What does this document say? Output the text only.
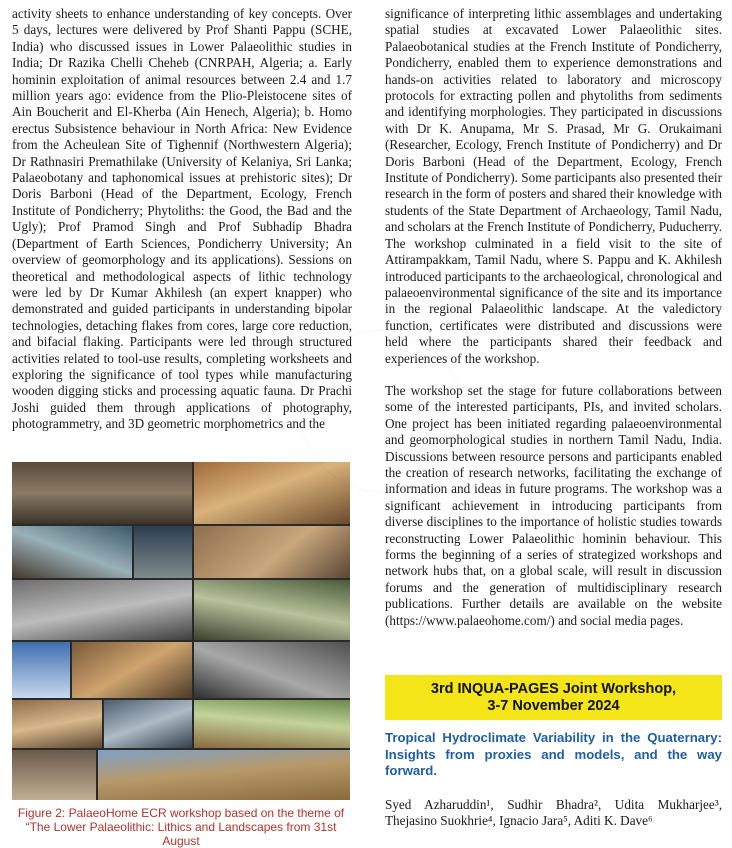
activity sheets to enhance understanding of key concepts. Over 5 days, lectures were delivered by Prof Shanti Pappu (SCHE, India) who discussed issues in Lower Palaeolithic studies in India; Dr Razika Chelli Cheheb (CNRPAH, Algeria; a. Early hominin exploitation of animal resources between 2.4 and 1.7 million years ago: evidence from the Plio-Pleistocene sites of Ain Boucherit and El-Kherba (Ain Henech, Algeria); b. Homo erectus Subsistence behaviour in North Africa: New Evidence from the Acheulean Site of Tighennif (Northwestern Algeria); Dr Rathnasiri Premathilake (University of Kelaniya, Sri Lanka; Palaeobotany and taphonomical issues at prehistoric sites); Dr Doris Barboni (Head of the Department, Ecology, French Institute of Pondicherry; Phytoliths: the Good, the Bad and the Ugly); Prof Pramod Singh and Prof Subhadip Bhadra (Department of Earth Sciences, Pondicherry University; An overview of geomorphology and its applications). Sessions on theoretical and methodological aspects of lithic technology were led by Dr Kumar Akhilesh (an expert knapper) who demonstrated and guided participants in understanding bipolar technologies, detaching flakes from cores, large core reduction, and bifacial flaking. Participants were led through structured activities related to tool-use results, completing worksheets and exploring the significance of tool types while manufacturing wooden digging sticks and processing aquatic fauna. Dr Prachi Joshi guided them through applications of photography, photogrammetry, and 3D geometric morphometrics and the

Figure 2: PalaeoHome ECR workshop based on the theme of “The Lower Palaeolithic: Lithics and Landscapes from 31st August

significance of interpreting lithic assemblages and undertaking spatial studies at excavated Lower Palaeolithic sites. Palaeobotanical studies at the French Institute of Pondicherry, Pondicherry, enabled them to experience demonstrations and hands-on activities related to laboratory and microscopy protocols for extracting pollen and phytoliths from sediments and identifying morphologies. They participated in discussions with Dr K. Anupama, Mr S. Prasad, Mr G. Orukaimani (Researcher, Ecology, French Institute of Pondicherry) and Dr Doris Barboni (Head of the Department, Ecology, French Institute of Pondicherry). Some participants also presented their research in the form of posters and shared their knowledge with students of the State Department of Archaeology, Tamil Nadu, and scholars at the French Institute of Pondicherry, Puducherry. The workshop culminated in a field visit to the site of Attirampakkam, Tamil Nadu, where S. Pappu and K. Akhilesh introduced participants to the archaeological, chronological and palaeoenvironmental significance of the site and its importance in the regional Palaeolithic landscape. At the valedictory function, certificates were distributed and discussions were held where the participants shared their feedback and experiences of the workshop.

The workshop set the stage for future collaborations between some of the interested participants, PIs, and invited scholars. One project has been initiated regarding palaeoenvironmental and geomorphological studies in northern Tamil Nadu, India. Discussions between resource persons and participants enabled the creation of research networks, facilitating the exchange of information and ideas in future programs. The workshop was a significant achievement in introducing participants from diverse disciplines to the importance of holistic studies towards reconstructing Lower Palaeolithic hominin behaviour. This forms the beginning of a series of strategized workshops and network hubs that, on a global scale, will result in discussion forums and the generation of multidisciplinary research publications. Further details are available on the website (https://www.palaeohome.com/) and social media pages.

3rd INQUA-PAGES Joint Workshop,
3-7 November 2024
Tropical Hydroclimate Variability in the Quaternary: Insights from proxies and models, and the way forward.
Syed Azharuddin¹, Sudhir Bhadra², Udita Mukharjee³, Thejasino Suokhrie⁴, Ignacio Jara⁵, Aditi K. Dave⁶
